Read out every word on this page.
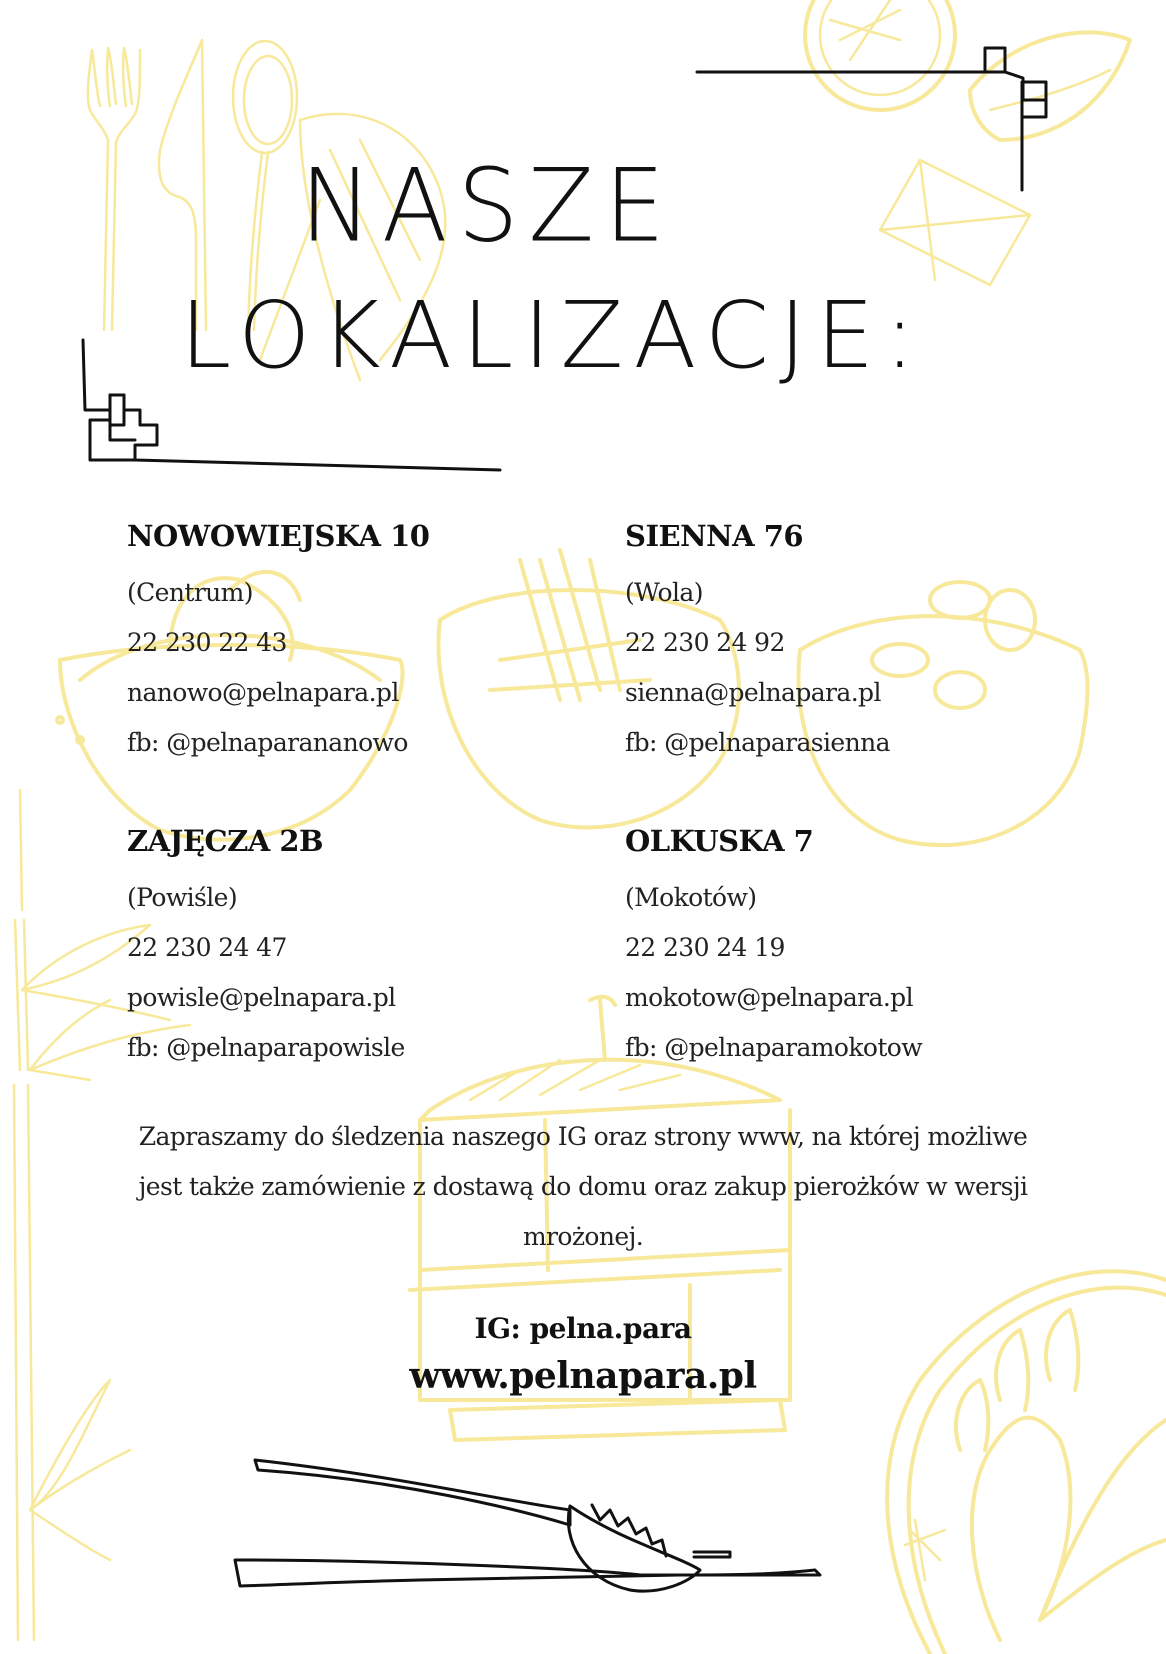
NASZE
LOKALIZACJE:
NOWOWIEJSKA 10
(Centrum)
22 230 22 43
nanowo@pelnapara.pl
fb: @pelnaparananowo
SIENNA 76
(Wola)
22 230 24 92
sienna@pelnapara.pl
fb: @pelnaparasienna
ZAJĘCZA 2B
(Powiśle)
22 230 24 47
powisle@pelnapara.pl
fb: @pelnaparapowisle
OLKUSKA 7
(Mokotów)
22 230 24 19
mokotow@pelnapara.pl
fb: @pelnaparamokotow
Zapraszamy do śledzenia naszego IG oraz strony www, na której możliwe
jest także zamówienie z dostawą do domu oraz zakup pierożków w wersji
mrożonej.
IG: pelna.para
www.pelnapara.pl
